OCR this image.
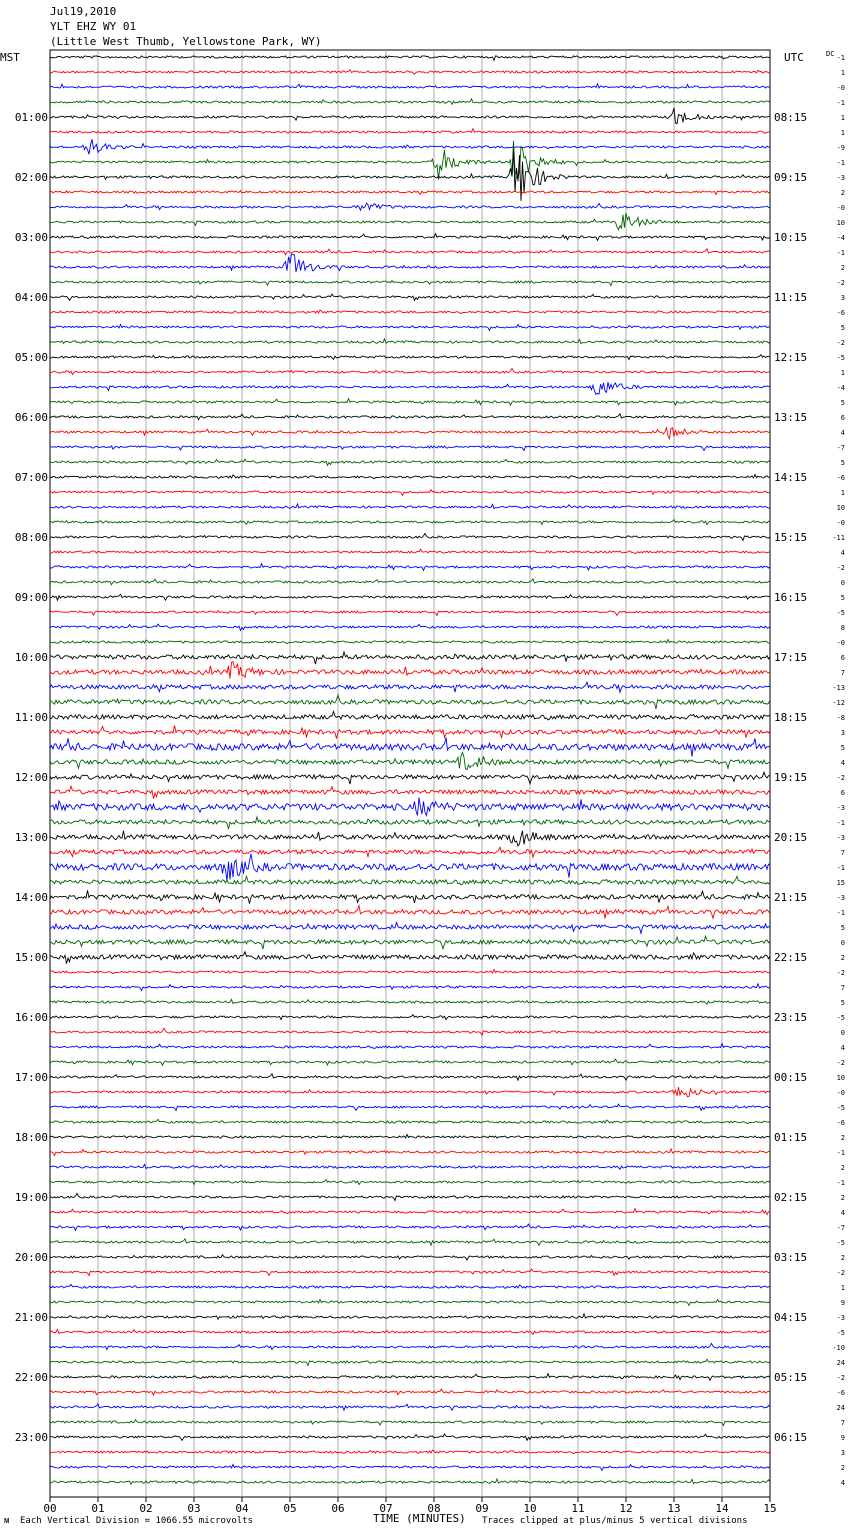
Jul19,2010
YLT EHZ WY 01
(Little West Thumb, Yellowstone Park, WY)
MST	UTC	DC
01:00
02:00
03:00
04:00
05:00
06:00
07:00
08:00
09:00
10:00
11:00
12:00
13:00
14:00
15:00
16:00
17:00
18:00
19:00
20:00
21:00
22:00
23:00
08:15
09:15
10:15
11:15
12:15
13:15
14:15
15:15
16:15
17:15
18:15
19:15
20:15
21:15
22:15
23:15
00:15
01:15
02:15
03:15
04:15
05:15
06:15
-1
1
-0
-1
1
1
-9
-1
-3
2
-0
10
-4
-1
2
-2
3
-6
5
-2
-5
1
-4
5
6
4
-7
5
-6
1
10
-0
-11
4
-2
0
5
-5
8
-0
6
7
-13
-12
-8
3
5
4
-2
6
-3
-1
-3
7
-1
15
-3
-1
5
0
2
-2
7
5
-5
0
4
-2
10
-0
-5
-6
2
-1
2
-1
2
4
-7
-5
2
-2
1
9
-3
-5
-10
24
-2
-6
24
7
9
3
2
4
00	01	02	03	04	05	06	07	08	09	10	11	12	13	14	15
ᴍ Each Vertical Division = 1066.55 microvolts	TIME (MINUTES) Traces clipped at plus/minus 5 vertical divisions
